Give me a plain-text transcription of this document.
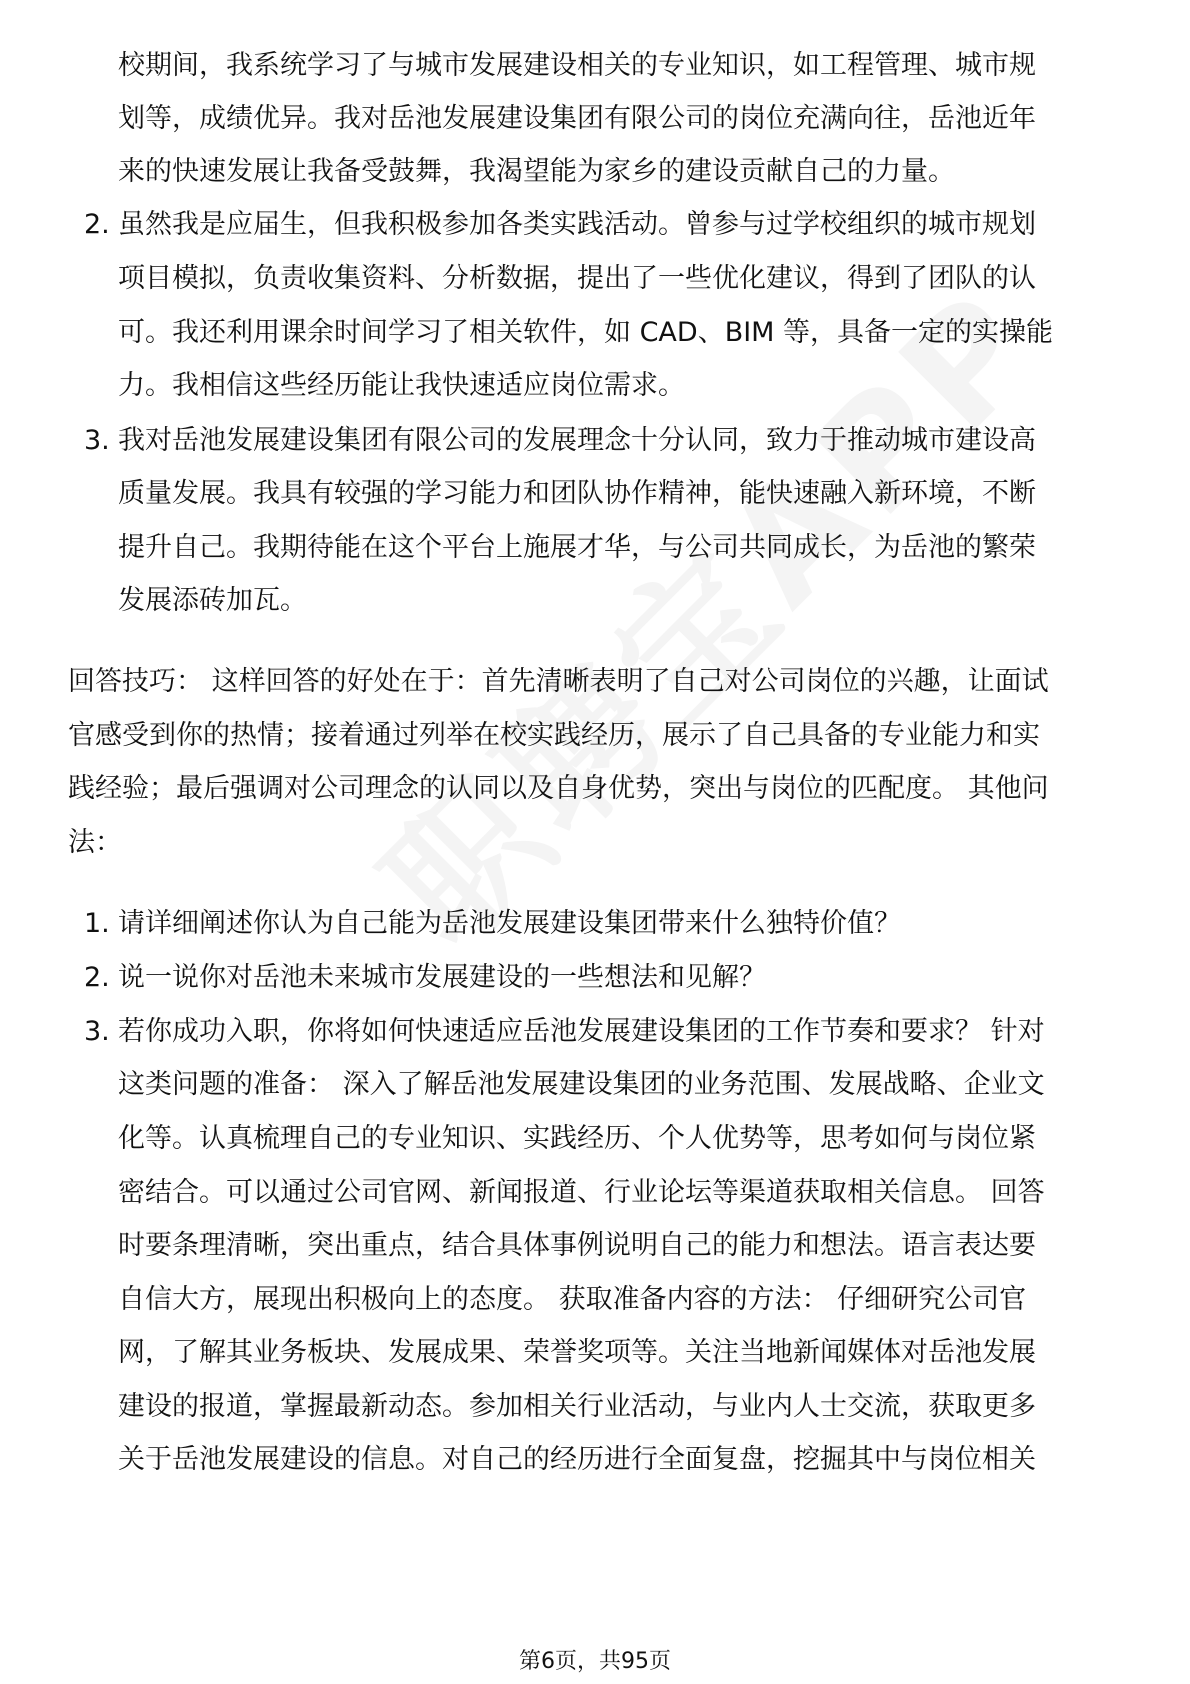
校期间，我系统学习了与城市发展建设相关的专业知识，如工程管理、城市规
划等，成绩优异。我对岳池发展建设集团有限公司的岗位充满向往，岳池近年
来的快速发展让我备受鼓舞，我渴望能为家乡的建设贡献自己的力量。
2. 虽然我是应届生，但我积极参加各类实践活动。曾参与过学校组织的城市规划
项目模拟，负责收集资料、分析数据，提出了一些优化建议，得到了团队的认
可。我还利用课余时间学习了相关软件，如 CAD、BIM 等，具备一定的实操能
力。我相信这些经历能让我快速适应岗位需求。
3. 我对岳池发展建设集团有限公司的发展理念十分认同，致力于推动城市建设高
质量发展。我具有较强的学习能力和团队协作精神，能快速融入新环境，不断
提升自己。我期待能在这个平台上施展才华，与公司共同成长，为岳池的繁荣
发展添砖加瓦。
回答技巧： 这样回答的好处在于：首先清晰表明了自己对公司岗位的兴趣，让面试
官感受到你的热情；接着通过列举在校实践经历，展示了自己具备的专业能力和实
践经验；最后强调对公司理念的认同以及自身优势，突出与岗位的匹配度。 其他问
法：
1. 请详细阐述你认为自己能为岳池发展建设集团带来什么独特价值？
2. 说一说你对岳池未来城市发展建设的一些想法和见解？
3. 若你成功入职，你将如何快速适应岳池发展建设集团的工作节奏和要求？ 针对
这类问题的准备： 深入了解岳池发展建设集团的业务范围、发展战略、企业文
化等。认真梳理自己的专业知识、实践经历、个人优势等，思考如何与岗位紧
密结合。可以通过公司官网、新闻报道、行业论坛等渠道获取相关信息。 回答
时要条理清晰，突出重点，结合具体事例说明自己的能力和想法。语言表达要
自信大方，展现出积极向上的态度。 获取准备内容的方法： 仔细研究公司官
网，了解其业务板块、发展成果、荣誉奖项等。关注当地新闻媒体对岳池发展
建设的报道，掌握最新动态。参加相关行业活动，与业内人士交流，获取更多
关于岳池发展建设的信息。对自己的经历进行全面复盘，挖掘其中与岗位相关
第6页，共95页
